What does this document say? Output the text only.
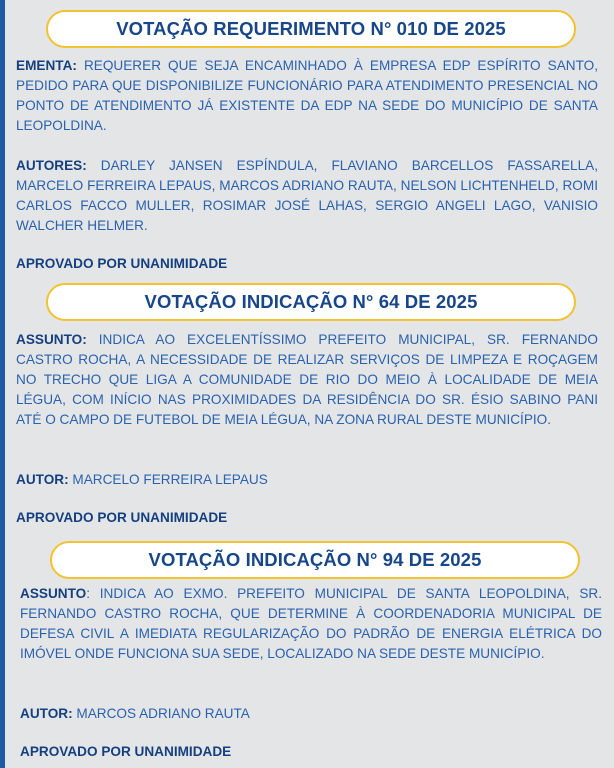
VOTAÇÃO REQUERIMENTO N° 010 DE 2025

EMENTA: REQUERER QUE SEJA ENCAMINHADO À EMPRESA EDP ESPÍRITO SANTO, PEDIDO PARA QUE DISPONIBILIZE FUNCIONÁRIO PARA ATENDIMENTO PRESENCIAL NO PONTO DE ATENDIMENTO JÁ EXISTENTE DA EDP NA SEDE DO MUNICÍPIO DE SANTA LEOPOLDINA.

AUTORES: DARLEY JANSEN ESPÍNDULA, FLAVIANO BARCELLOS FASSARELLA, MARCELO FERREIRA LEPAUS, MARCOS ADRIANO RAUTA, NELSON LICHTENHELD, ROMI CARLOS FACCO MULLER, ROSIMAR JOSÉ LAHAS, SERGIO ANGELI LAGO, VANISIO WALCHER HELMER.

APROVADO POR UNANIMIDADE

VOTAÇÃO INDICAÇÃO N° 64 DE 2025

ASSUNTO: INDICA AO EXCELENTÍSSIMO PREFEITO MUNICIPAL, SR. FERNANDO CASTRO ROCHA, A NECESSIDADE DE REALIZAR SERVIÇOS DE LIMPEZA E ROÇAGEM NO TRECHO QUE LIGA A COMUNIDADE DE RIO DO MEIO À LOCALIDADE DE MEIA LÉGUA, COM INÍCIO NAS PROXIMIDADES DA RESIDÊNCIA DO SR. ÉSIO SABINO PANI ATÉ O CAMPO DE FUTEBOL DE MEIA LÉGUA, NA ZONA RURAL DESTE MUNICÍPIO.

AUTOR: MARCELO FERREIRA LEPAUS

APROVADO POR UNANIMIDADE

VOTAÇÃO INDICAÇÃO N° 94 DE 2025

ASSUNTO: INDICA AO EXMO. PREFEITO MUNICIPAL DE SANTA LEOPOLDINA, SR. FERNANDO CASTRO ROCHA, QUE DETERMINE À COORDENADORIA MUNICIPAL DE DEFESA CIVIL A IMEDIATA REGULARIZAÇÃO DO PADRÃO DE ENERGIA ELÉTRICA DO IMÓVEL ONDE FUNCIONA SUA SEDE, LOCALIZADO NA SEDE DESTE MUNICÍPIO.

AUTOR: MARCOS ADRIANO RAUTA

APROVADO POR UNANIMIDADE
